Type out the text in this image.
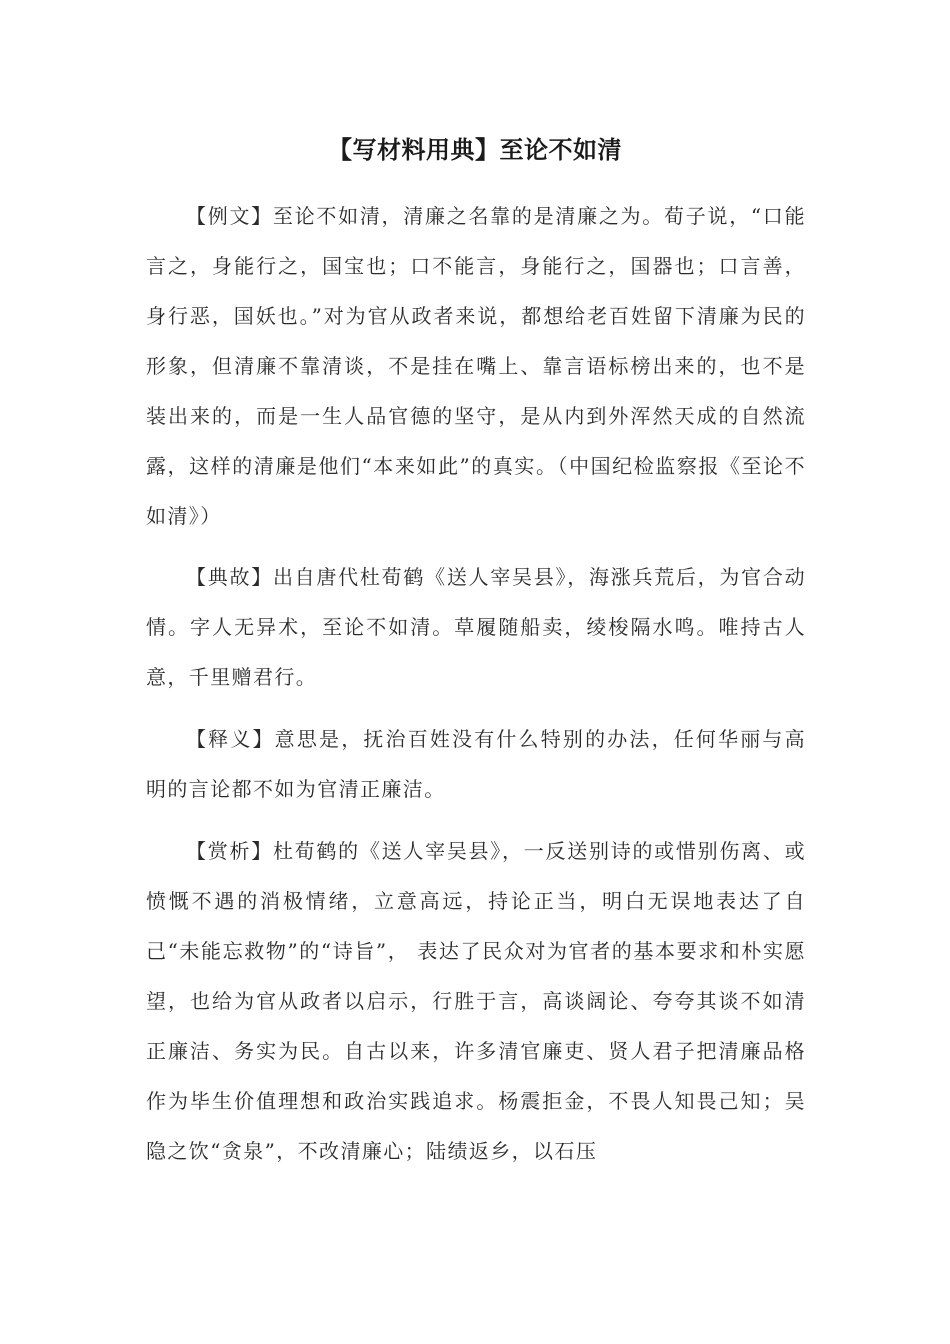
【写材料用典】至论不如清

【例文】至论不如清，清廉之名靠的是清廉之为。荀子说，“口能言之，身能行之，国宝也；口不能言，身能行之，国器也；口言善，身行恶，国妖也。”对为官从政者来说，都想给老百姓留下清廉为民的形象，但清廉不靠清谈，不是挂在嘴上、靠言语标榜出来的，也不是装出来的，而是一生人品官德的坚守，是从内到外浑然天成的自然流露，这样的清廉是他们“本来如此”的真实。（中国纪检监察报《至论不如清》）

【典故】出自唐代杜荀鹤《送人宰吴县》，海涨兵荒后，为官合动情。字人无异术，至论不如清。草履随船卖，绫梭隔水鸣。唯持古人意，千里赠君行。

【释义】意思是，抚治百姓没有什么特别的办法，任何华丽与高明的言论都不如为官清正廉洁。

【赏析】杜荀鹤的《送人宰吴县》，一反送别诗的或惜别伤离、或愤慨不遇的消极情绪，立意高远，持论正当，明白无误地表达了自己“未能忘救物”的“诗旨”， 表达了民众对为官者的基本要求和朴实愿望，也给为官从政者以启示，行胜于言，高谈阔论、夸夸其谈不如清正廉洁、务实为民。自古以来，许多清官廉吏、贤人君子把清廉品格作为毕生价值理想和政治实践追求。杨震拒金，不畏人知畏己知；吴隐之饮“贪泉”，不改清廉心；陆绩返乡，以石压
